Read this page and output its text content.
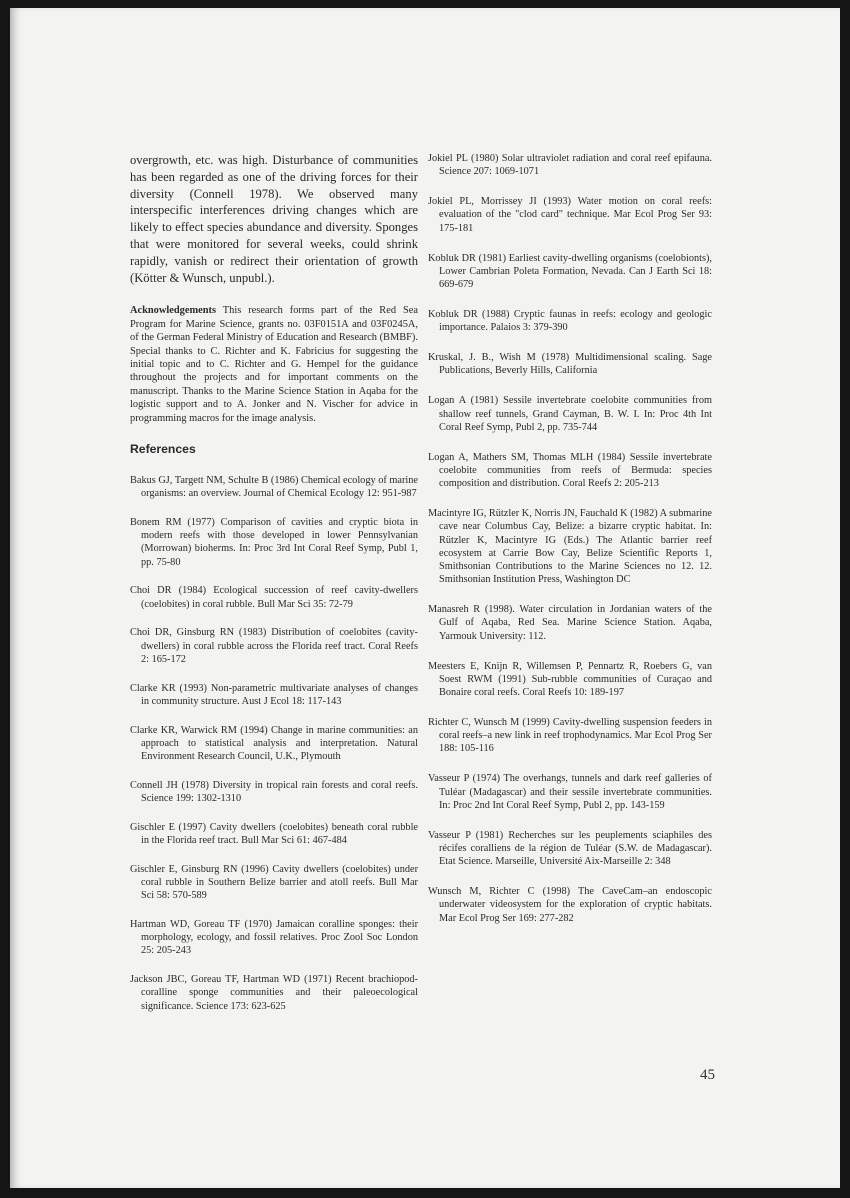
overgrowth, etc. was high. Disturbance of communities has been regarded as one of the driving forces for their diversity (Connell 1978). We observed many interspecific interferences driving changes which are likely to effect species abundance and diversity. Sponges that were monitored for several weeks, could shrink rapidly, vanish or redirect their orientation of growth (Kötter & Wunsch, unpubl.).

Acknowledgements This research forms part of the Red Sea Program for Marine Science, grants no. 03F0151A and 03F0245A, of the German Federal Ministry of Education and Research (BMBF). Special thanks to C. Richter and K. Fabricius for suggesting the initial topic and to C. Richter and G. Hempel for the guidance throughout the projects and for important comments on the manuscript. Thanks to the Marine Science Station in Aqaba for the logistic support and to A. Jonker and N. Vischer for advice in programming macros for the image analysis.

References

Bakus GJ, Targett NM, Schulte B (1986) Chemical ecology of marine organisms: an overview. Journal of Chemical Ecology 12: 951-987

Bonem RM (1977) Comparison of cavities and cryptic biota in modern reefs with those developed in lower Pennsylvanian (Morrowan) bioherms. In: Proc 3rd Int Coral Reef Symp, Publ 1, pp. 75-80

Choi DR (1984) Ecological succession of reef cavity-dwellers (coelobites) in coral rubble. Bull Mar Sci 35: 72-79

Choi DR, Ginsburg RN (1983) Distribution of coelobites (cavity-dwellers) in coral rubble across the Florida reef tract. Coral Reefs 2: 165-172

Clarke KR (1993) Non-parametric multivariate analyses of changes in community structure. Aust J Ecol 18: 117-143

Clarke KR, Warwick RM (1994) Change in marine communities: an approach to statistical analysis and interpretation. Natural Environment Research Council, U.K., Plymouth

Connell JH (1978) Diversity in tropical rain forests and coral reefs. Science 199: 1302-1310

Gischler E (1997) Cavity dwellers (coelobites) beneath coral rubble in the Florida reef tract. Bull Mar Sci 61: 467-484

Gischler E, Ginsburg RN (1996) Cavity dwellers (coelobites) under coral rubble in Southern Belize barrier and atoll reefs. Bull Mar Sci 58: 570-589

Hartman WD, Goreau TF (1970) Jamaican coralline sponges: their morphology, ecology, and fossil relatives. Proc Zool Soc London 25: 205-243

Jackson JBC, Goreau TF, Hartman WD (1971) Recent brachiopod-coralline sponge communities and their paleoecological significance. Science 173: 623-625

Jokiel PL (1980) Solar ultraviolet radiation and coral reef epifauna. Science 207: 1069-1071

Jokiel PL, Morrissey JI (1993) Water motion on coral reefs: evaluation of the "clod card" technique. Mar Ecol Prog Ser 93: 175-181

Kobluk DR (1981) Earliest cavity-dwelling organisms (coelobionts), Lower Cambrian Poleta Formation, Nevada. Can J Earth Sci 18: 669-679

Kobluk DR (1988) Cryptic faunas in reefs: ecology and geologic importance. Palaios 3: 379-390

Kruskal, J. B., Wish M (1978) Multidimensional scaling. Sage Publications, Beverly Hills, California

Logan A (1981) Sessile invertebrate coelobite communities from shallow reef tunnels, Grand Cayman, B. W. I. In: Proc 4th Int Coral Reef Symp, Publ 2, pp. 735-744

Logan A, Mathers SM, Thomas MLH (1984) Sessile invertebrate coelobite communities from reefs of Bermuda: species composition and distribution. Coral Reefs 2: 205-213

Macintyre IG, Rützler K, Norris JN, Fauchald K (1982) A submarine cave near Columbus Cay, Belize: a bizarre cryptic habitat. In: Rützler K, Macintyre IG (Eds.) The Atlantic barrier reef ecosystem at Carrie Bow Cay, Belize Scientific Reports 1, Smithsonian Contributions to the Marine Sciences no 12. 12. Smithsonian Institution Press, Washington DC

Manasreh R (1998). Water circulation in Jordanian waters of the Gulf of Aqaba, Red Sea. Marine Science Station. Aqaba, Yarmouk University: 112.

Meesters E, Knijn R, Willemsen P, Pennartz R, Roebers G, van Soest RWM (1991) Sub-rubble communities of Curaçao and Bonaire coral reefs. Coral Reefs 10: 189-197

Richter C, Wunsch M (1999) Cavity-dwelling suspension feeders in coral reefs–a new link in reef trophodynamics. Mar Ecol Prog Ser 188: 105-116

Vasseur P (1974) The overhangs, tunnels and dark reef galleries of Tuléar (Madagascar) and their sessile invertebrate communities. In: Proc 2nd Int Coral Reef Symp, Publ 2, pp. 143-159

Vasseur P (1981) Recherches sur les peuplements sciaphiles des récifes coralliens de la région de Tuléar (S.W. de Madagascar). Etat Science. Marseille, Université Aix-Marseille 2: 348

Wunsch M, Richter C (1998) The CaveCam–an endoscopic underwater videosystem for the exploration of cryptic habitats. Mar Ecol Prog Ser 169: 277-282

45
